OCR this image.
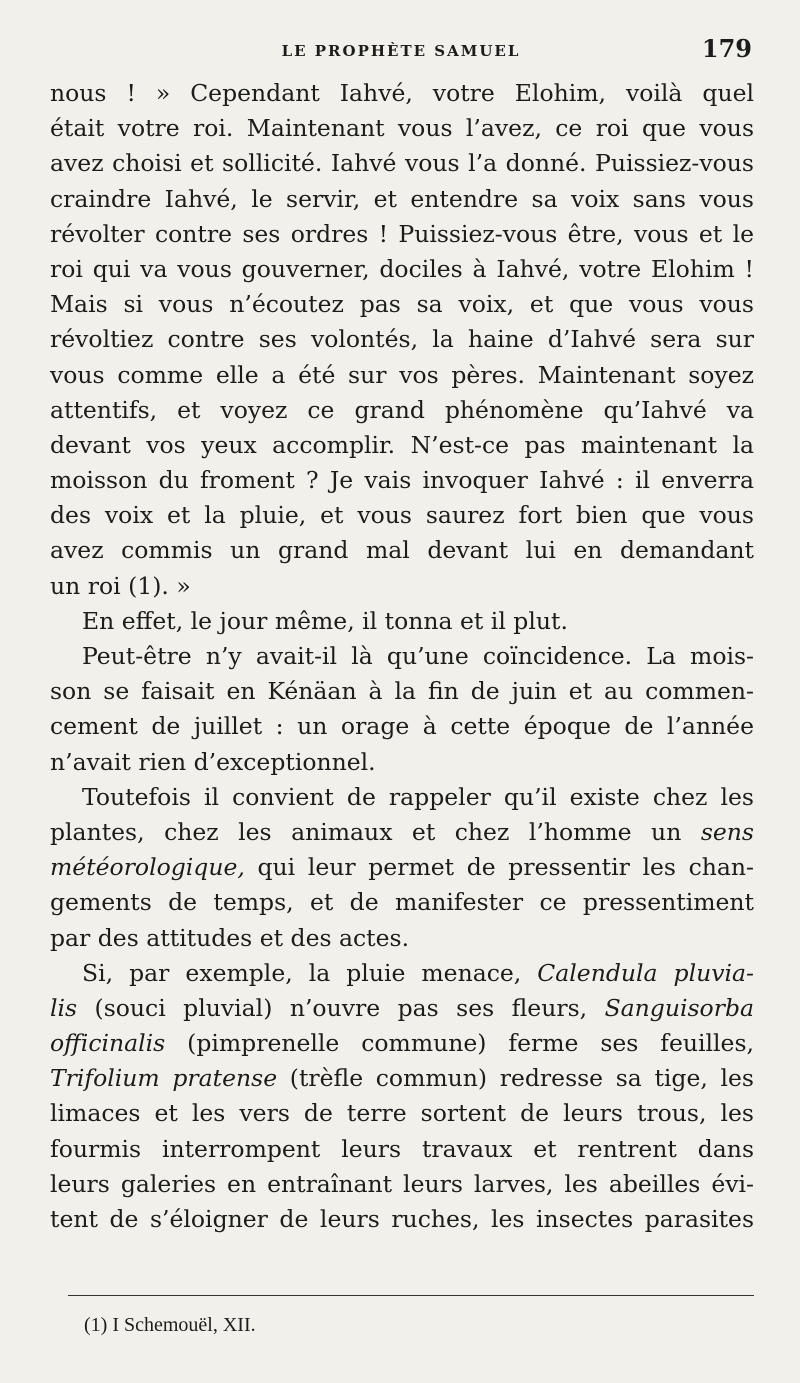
LE PROPHÈTE SAMUEL	179
nous ! » Cependant Iahvé, votre Elohim, voilà quel
était votre roi. Maintenant vous l’avez, ce roi que vous
avez choisi et sollicité. Iahvé vous l’a donné. Puissiez-vous
craindre Iahvé, le servir, et entendre sa voix sans vous
révolter contre ses ordres ! Puissiez-vous être, vous et le
roi qui va vous gouverner, dociles à Iahvé, votre Elohim !
Mais si vous n’écoutez pas sa voix, et que vous vous
révoltiez contre ses volontés, la haine d’Iahvé sera sur
vous comme elle a été sur vos pères. Maintenant soyez
attentifs, et voyez ce grand phénomène qu’Iahvé va
devant vos yeux accomplir. N’est-ce pas maintenant la
moisson du froment ? Je vais invoquer Iahvé : il enverra
des voix et la pluie, et vous saurez fort bien que vous
avez commis un grand mal devant lui en demandant
un roi (1). »
En effet, le jour même, il tonna et il plut.
Peut-être n’y avait-il là qu’une coïncidence. La mois-
son se faisait en Kénäan à la fin de juin et au commen-
cement de juillet : un orage à cette époque de l’année
n’avait rien d’exceptionnel.
Toutefois il convient de rappeler qu’il existe chez les
plantes, chez les animaux et chez l’homme un sens
météorologique, qui leur permet de pressentir les chan-
gements de temps, et de manifester ce pressentiment
par des attitudes et des actes.
Si, par exemple, la pluie menace, Calendula pluvia-
lis (souci pluvial) n’ouvre pas ses fleurs, Sanguisorba
officinalis (pimprenelle commune) ferme ses feuilles,
Trifolium pratense (trèfle commun) redresse sa tige, les
limaces et les vers de terre sortent de leurs trous, les
fourmis interrompent leurs travaux et rentrent dans
leurs galeries en entraînant leurs larves, les abeilles évi-
tent de s’éloigner de leurs ruches, les insectes parasites
(1) I Schemouël, XII.
